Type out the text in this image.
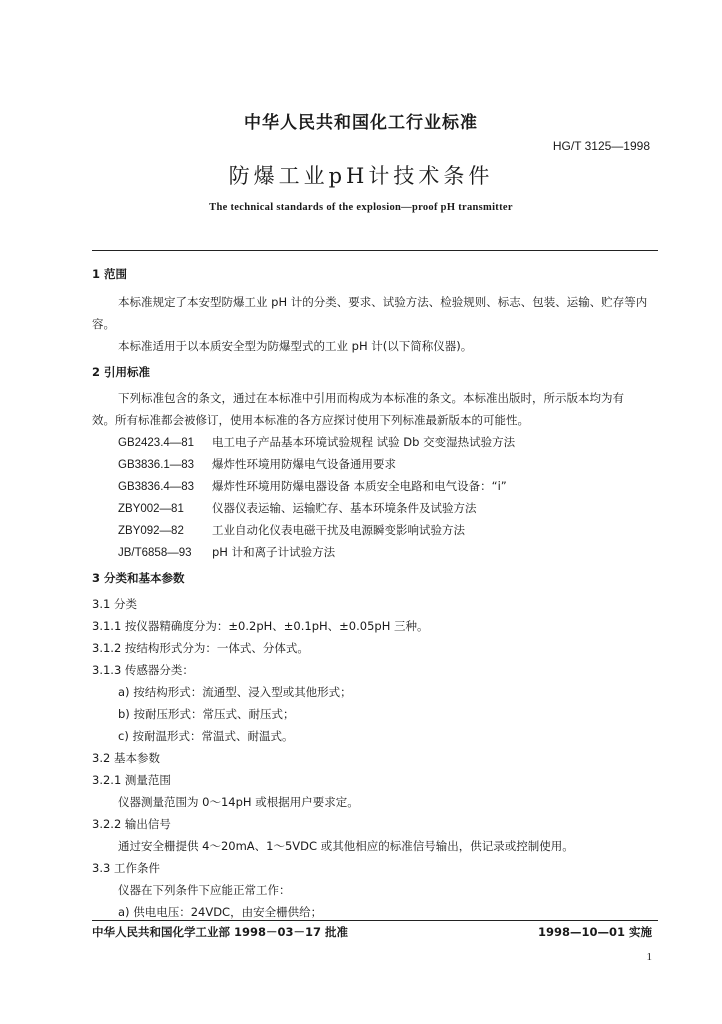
中华人民共和国化工行业标准
HG/T 3125—1998
防爆工业pH计技术条件
The technical standards of the explosion—proof pH transmitter
1 范围
本标准规定了本安型防爆工业 pH 计的分类、要求、试验方法、检验规则、标志、包装、运输、贮存等内
容。
本标准适用于以本质安全型为防爆型式的工业 pH 计(以下简称仪器)。
2 引用标准
下列标准包含的条文，通过在本标准中引用而构成为本标准的条文。本标准出版时，所示版本均为有
效。所有标准都会被修订，使用本标准的各方应探讨使用下列标准最新版本的可能性。
GB2423.4—81 电工电子产品基本环境试验规程 试验 Db 交变湿热试验方法
GB3836.1—83 爆炸性环境用防爆电气设备通用要求
GB3836.4—83 爆炸性环境用防爆电器设备 本质安全电路和电气设备：“i”
ZBY002—81 仪器仪表运输、运输贮存、基本环境条件及试验方法
ZBY092—82 工业自动化仪表电磁干扰及电源瞬变影响试验方法
JB/T6858—93 pH 计和离子计试验方法
3 分类和基本参数
3.1 分类
3.1.1 按仪器精确度分为：±0.2pH、±0.1pH、±0.05pH 三种。
3.1.2 按结构形式分为：一体式、分体式。
3.1.3 传感器分类：
a) 按结构形式：流通型、浸入型或其他形式；
b) 按耐压形式：常压式、耐压式；
c) 按耐温形式：常温式、耐温式。
3.2 基本参数
3.2.1 测量范围
仪器测量范围为 0～14pH 或根据用户要求定。
3.2.2 输出信号
通过安全栅提供 4～20mA、1～5VDC 或其他相应的标准信号输出，供记录或控制使用。
3.3 工作条件
仪器在下列条件下应能正常工作：
a) 供电电压：24VDC，由安全栅供给；
中华人民共和国化学工业部 1998－03－17 批准	1998—10—01 实施
1
